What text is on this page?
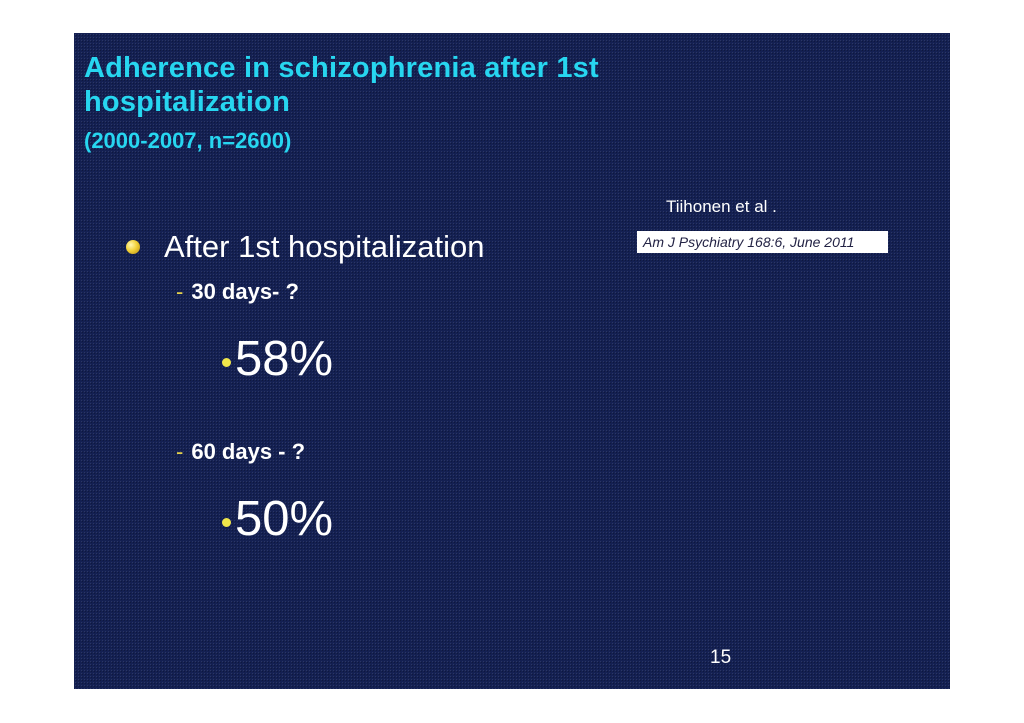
Adherence in schizophrenia after 1st hospitalization
(2000-2007, n=2600)
Tiihonen et al .
Am J Psychiatry 168:6, June 2011
After 1st hospitalization
- 30 days- ?
58%
- 60 days - ?
50%
15
